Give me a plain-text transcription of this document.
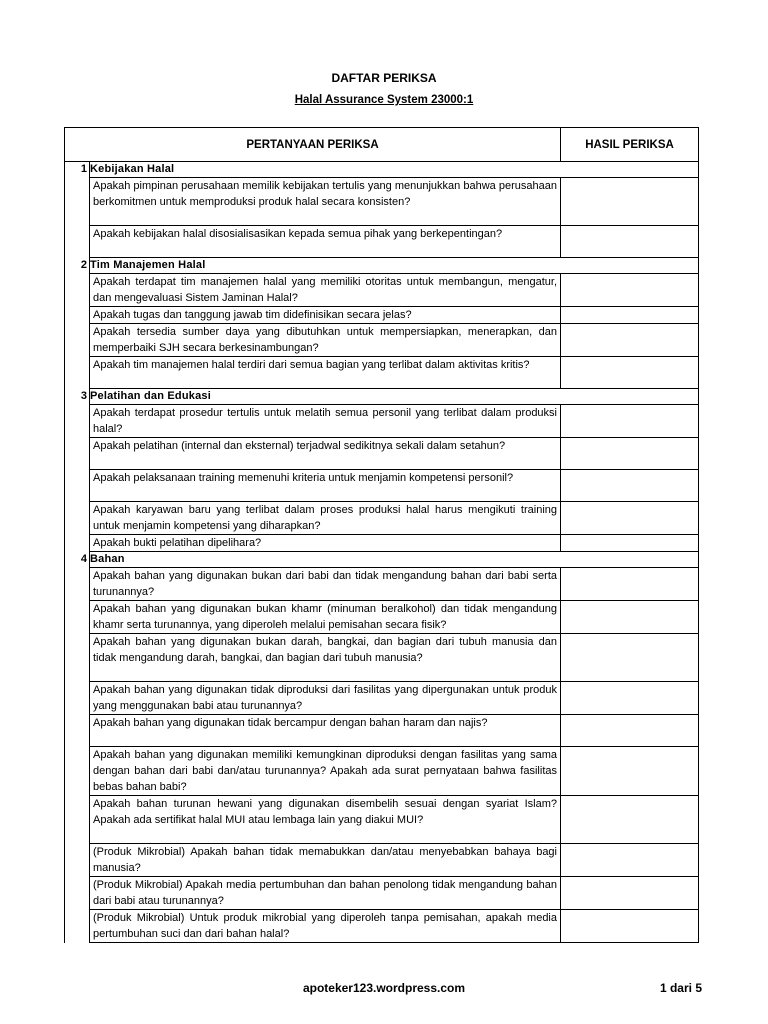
DAFTAR PERIKSA
Halal Assurance System 23000:1
PERTANYAAN PERIKSA		HASIL PERIKSA
1	Kebijakan Halal	
	Apakah pimpinan perusahaan memilik kebijakan tertulis yang menunjukkan bahwa perusahaan berkomitmen untuk memproduksi produk halal secara konsisten?	
	Apakah kebijakan halal disosialisasikan kepada semua pihak yang berkepentingan?	
2	Tim Manajemen Halal	
	Apakah terdapat tim manajemen halal yang memiliki otoritas untuk membangun, mengatur, dan mengevaluasi Sistem Jaminan Halal?	
	Apakah tugas dan tanggung jawab tim didefinisikan secara jelas?	
	Apakah tersedia sumber daya yang dibutuhkan untuk mempersiapkan, menerapkan, dan memperbaiki SJH secara berkesinambungan?	
	Apakah tim manajemen halal terdiri dari semua bagian yang terlibat dalam aktivitas kritis?	
3	Pelatihan dan Edukasi	
	Apakah terdapat prosedur tertulis untuk melatih semua personil yang terlibat dalam produksi halal?	
	Apakah pelatihan (internal dan eksternal) terjadwal sedikitnya sekali dalam setahun?	
	Apakah pelaksanaan training memenuhi kriteria untuk menjamin kompetensi personil?	
	Apakah karyawan baru yang terlibat dalam proses produksi halal harus mengikuti training untuk menjamin kompetensi yang diharapkan?	
	Apakah bukti pelatihan dipelihara?	
4	Bahan	
	Apakah bahan yang digunakan bukan dari babi dan tidak mengandung bahan dari babi serta turunannya?	
	Apakah bahan yang digunakan bukan khamr (minuman beralkohol) dan tidak mengandung khamr serta turunannya, yang diperoleh melalui pemisahan secara fisik?	
	Apakah bahan yang digunakan bukan darah, bangkai, dan bagian dari tubuh manusia dan tidak mengandung darah, bangkai, dan bagian dari tubuh manusia?	
	Apakah bahan yang digunakan tidak diproduksi dari fasilitas yang dipergunakan untuk produk yang menggunakan babi atau turunannya?	
	Apakah bahan yang digunakan tidak bercampur dengan bahan haram dan najis?	
	Apakah bahan yang digunakan memiliki kemungkinan diproduksi dengan fasilitas yang sama dengan bahan dari babi dan/atau turunannya? Apakah ada surat pernyataan bahwa fasilitas bebas bahan babi?	
	Apakah bahan turunan hewani yang digunakan disembelih sesuai dengan syariat Islam? Apakah ada sertifikat halal MUI atau lembaga lain yang diakui MUI?	
	(Produk Mikrobial) Apakah bahan tidak memabukkan dan/atau menyebabkan bahaya bagi manusia?	
	(Produk Mikrobial) Apakah media pertumbuhan dan bahan penolong tidak mengandung bahan dari babi atau turunannya?	
	(Produk Mikrobial) Untuk produk mikrobial yang diperoleh tanpa pemisahan, apakah media pertumbuhan suci dan dari bahan halal?	
apoteker123.wordpress.com	1 dari 5
